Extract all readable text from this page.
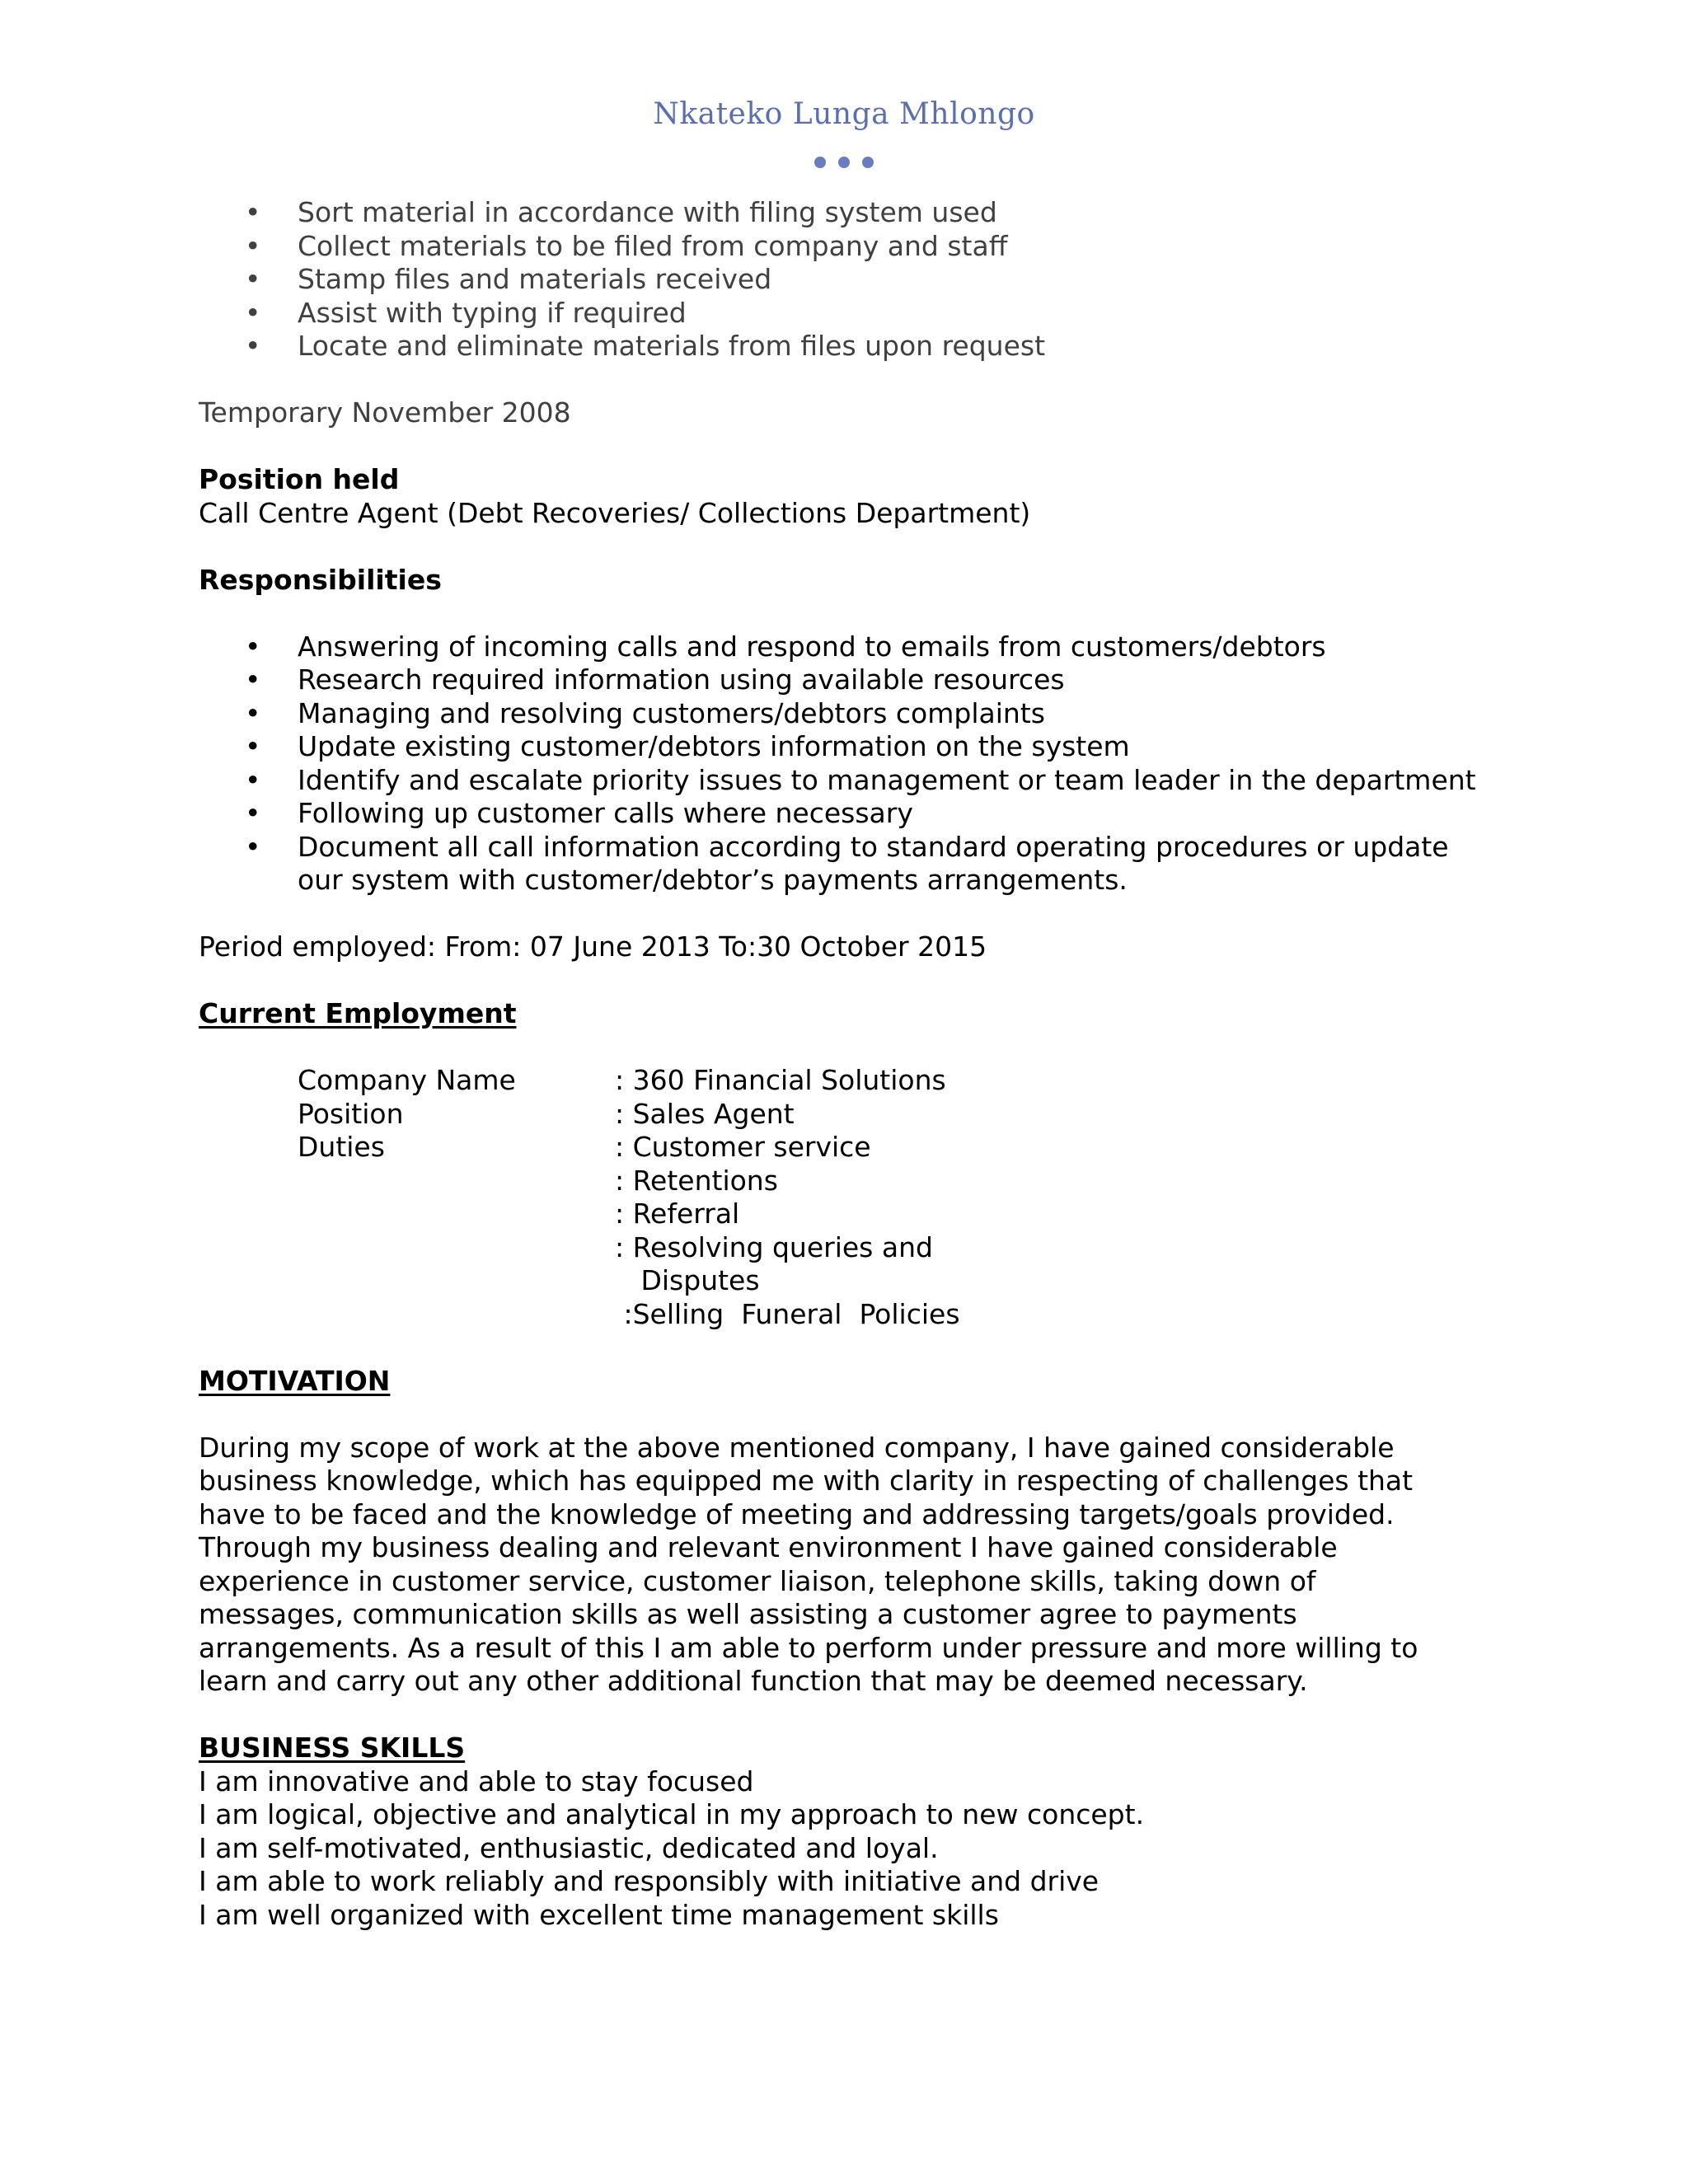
Nkateko Lunga Mhlongo
• Sort material in accordance with filing system used
• Collect materials to be filed from company and staff
• Stamp files and materials received
• Assist with typing if required
• Locate and eliminate materials from files upon request
Temporary November 2008
Position held
Call Centre Agent (Debt Recoveries/ Collections Department)
Responsibilities
• Answering of incoming calls and respond to emails from customers/debtors
• Research required information using available resources
• Managing and resolving customers/debtors complaints
• Update existing customer/debtors information on the system
• Identify and escalate priority issues to management or team leader in the department
• Following up customer calls where necessary
• Document all call information according to standard operating procedures or update our system with customer/debtor’s payments arrangements.
Period employed: From: 07 June 2013 To:30 October 2015
Current Employment
Company Name	: 360 Financial Solutions
Position	: Sales Agent
Duties	: Customer service
: Retentions
: Referral
: Resolving queries and
Disputes
:Selling  Funeral  Policies
MOTIVATION
During my scope of work at the above mentioned company, I have gained considerable
business knowledge, which has equipped me with clarity in respecting of challenges that
have to be faced and the knowledge of meeting and addressing targets/goals provided.
Through my business dealing and relevant environment I have gained considerable
experience in customer service, customer liaison, telephone skills, taking down of
messages, communication skills as well assisting a customer agree to payments
arrangements. As a result of this I am able to perform under pressure and more willing to
learn and carry out any other additional function that may be deemed necessary.
BUSINESS SKILLS
I am innovative and able to stay focused
I am logical, objective and analytical in my approach to new concept.
I am self-motivated, enthusiastic, dedicated and loyal.
I am able to work reliably and responsibly with initiative and drive
I am well organized with excellent time management skills
